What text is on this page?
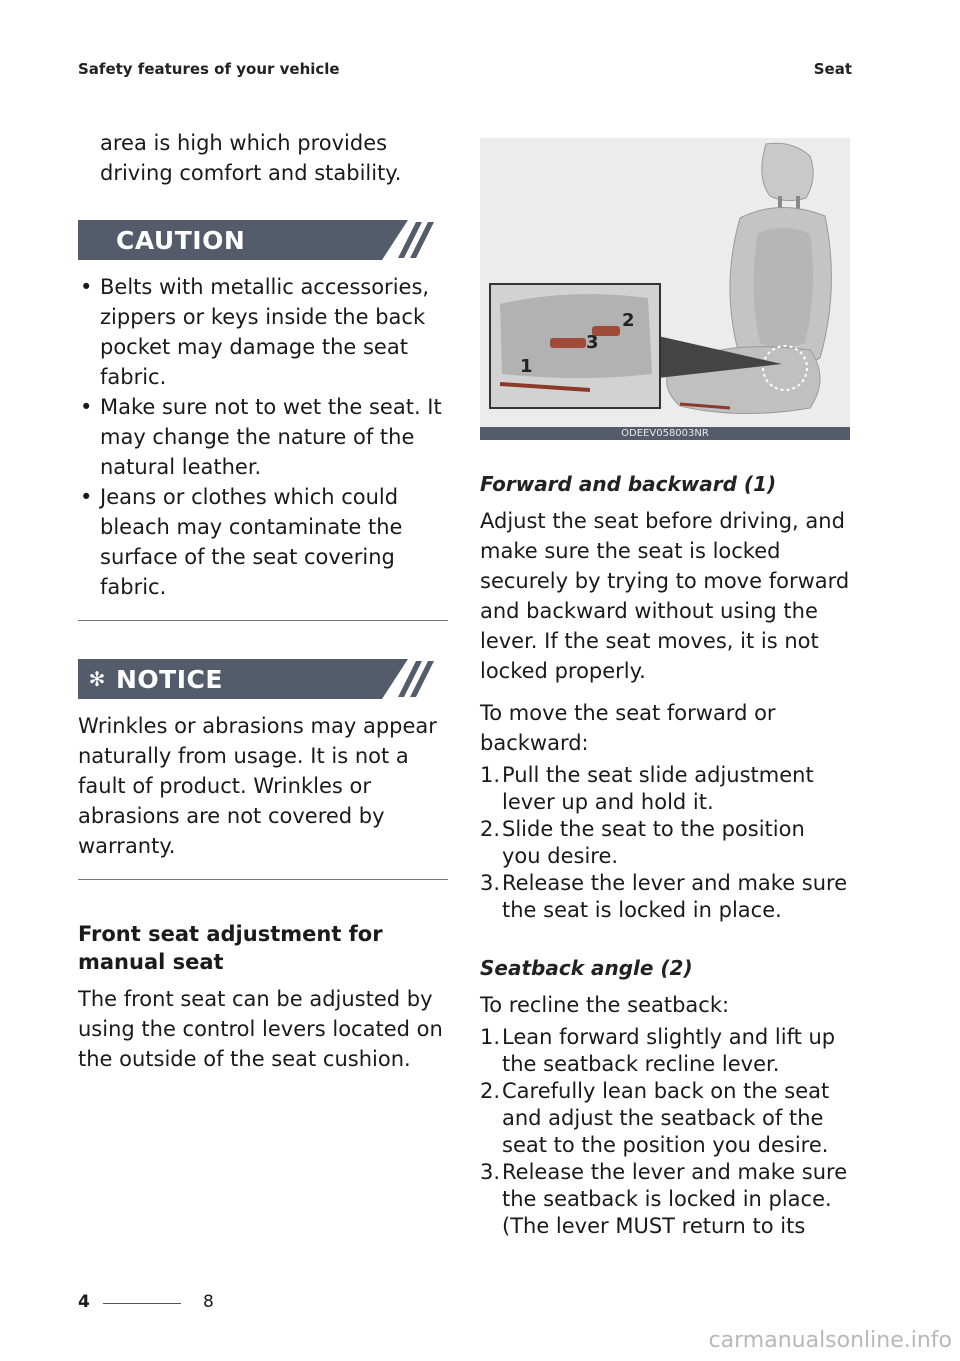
Safety features of your vehicle	Seat

area is high which provides driving comfort and stability.

CAUTION
• Belts with metallic accessories, zippers or keys inside the back pocket may damage the seat fabric.
• Make sure not to wet the seat. It may change the nature of the natural leather.
• Jeans or clothes which could bleach may contaminate the surface of the seat covering fabric.
✻ NOTICE

Wrinkles or abrasions may appear naturally from usage. It is not a fault of product. Wrinkles or abrasions are not covered by warranty.

Front seat adjustment for manual seat

The front seat can be adjusted by using the control levers located on the outside of the seat cushion.

2
3
1
ODEEV058003NR
Forward and backward (1)

Adjust the seat before driving, and make sure the seat is locked securely by trying to move forward and backward without using the lever. If the seat moves, it is not locked properly.

To move the seat forward or backward:

1. Pull the seat slide adjustment lever up and hold it.
2. Slide the seat to the position you desire.
3. Release the lever and make sure the seat is locked in place.
Seatback angle (2)

To recline the seatback:

1. Lean forward slightly and lift up the seatback recline lever.
2. Carefully lean back on the seat and adjust the seatback of the seat to the position you desire.
3. Release the lever and make sure the seatback is locked in place. (The lever MUST return to its
4	8
carmanualsonline.info
